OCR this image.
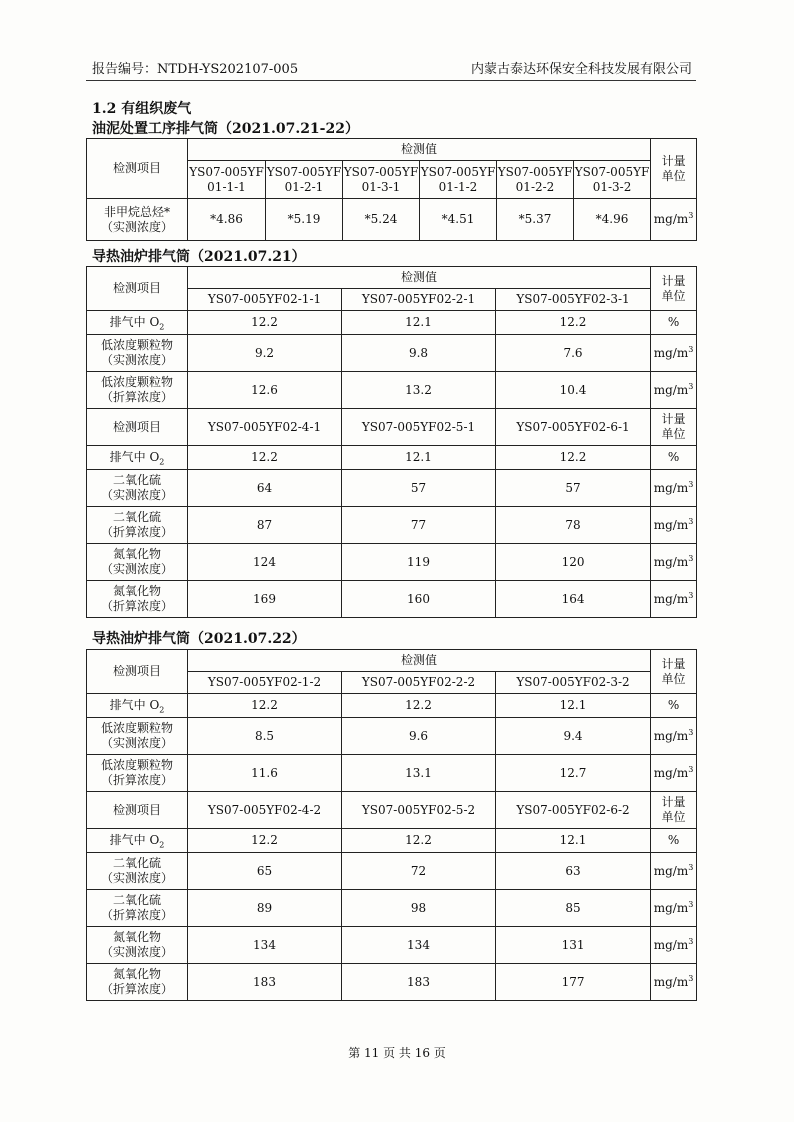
报告编号：NTDH-YS202107-005	内蒙古泰达环保安全科技发展有限公司
1.2 有组织废气
油泥处置工序排气筒（2021.07.21-22）
检测项目	检测值						计量
单位
	YS07-005YF
01-1-1	YS07-005YF
01-2-1	YS07-005YF
01-3-1	YS07-005YF
01-1-2	YS07-005YF
01-2-2	YS07-005YF
01-3-2	
非甲烷总烃*
（实测浓度）	*4.86	*5.19	*5.24	*4.51	*5.37	*4.96	$mg/m^3$
导热油炉排气筒（2021.07.21）
检测项目	检测值			计量
单位
	YS07-005YF02-1-1	YS07-005YF02-2-1	YS07-005YF02-3-1	
排气中 $O_2$	12.2	12.1	12.2	%
低浓度颗粒物
（实测浓度）	9.2	9.8	7.6	$mg/m^3$
低浓度颗粒物
（折算浓度）	12.6	13.2	10.4	$mg/m^3$
检测项目	YS07-005YF02-4-1	YS07-005YF02-5-1	YS07-005YF02-6-1	计量
单位
排气中 $O_2$	12.2	12.1	12.2	%
二氧化硫
（实测浓度）	64	57	57	$mg/m^3$
二氧化硫
（折算浓度）	87	77	78	$mg/m^3$
氮氧化物
（实测浓度）	124	119	120	$mg/m^3$
氮氧化物
（折算浓度）	169	160	164	$mg/m^3$
导热油炉排气筒（2021.07.22）
检测项目	检测值			计量
单位
	YS07-005YF02-1-2	YS07-005YF02-2-2	YS07-005YF02-3-2	
排气中 $O_2$	12.2	12.2	12.1	%
低浓度颗粒物
（实测浓度）	8.5	9.6	9.4	$mg/m^3$
低浓度颗粒物
（折算浓度）	11.6	13.1	12.7	$mg/m^3$
检测项目	YS07-005YF02-4-2	YS07-005YF02-5-2	YS07-005YF02-6-2	计量
单位
排气中 $O_2$	12.2	12.2	12.1	%
二氧化硫
（实测浓度）	65	72	63	$mg/m^3$
二氧化硫
（折算浓度）	89	98	85	$mg/m^3$
氮氧化物
（实测浓度）	134	134	131	$mg/m^3$
氮氧化物
（折算浓度）	183	183	177	$mg/m^3$
第 11 页 共 16 页
